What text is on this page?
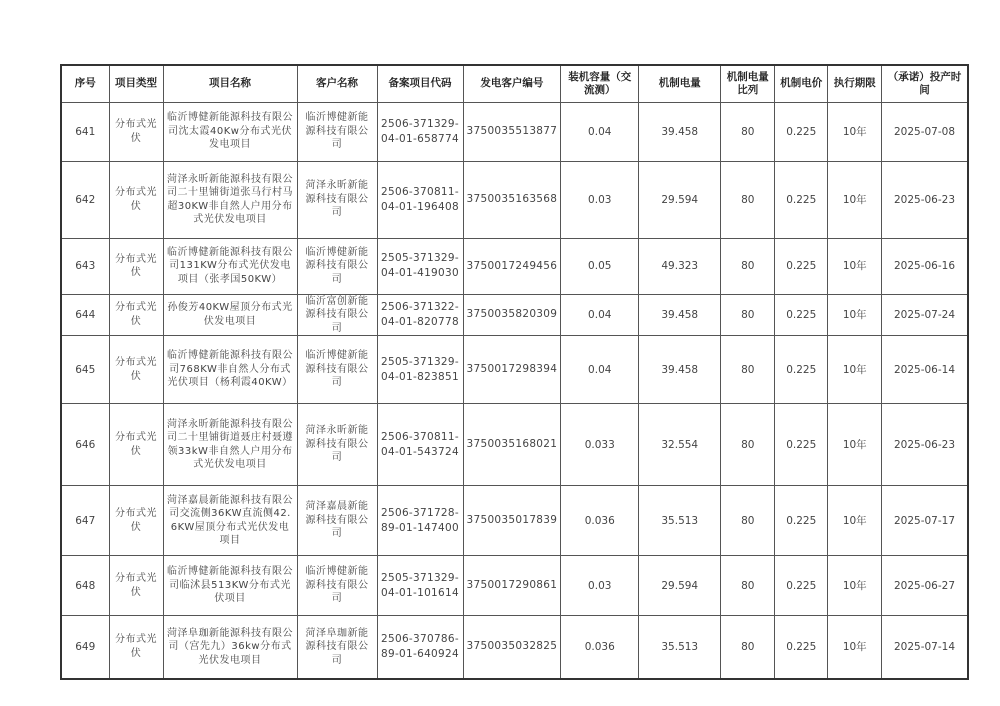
序号	项目类型	项目名称	客户名称	备案项目代码	发电客户编号	装机容量（交流测）	机制电量	机制电量比列	机制电价	执行期限	（承诺）投产时间
641	分布式光伏	临沂博健新能源科技有限公司沈太霞40Kw分布式光伏发电项目	临沂博健新能源科技有限公司	2506-371329-04-01-658774	3750035513877	0.04	39.458	80	0.225	10年	2025-07-08
642	分布式光伏	菏泽永昕新能源科技有限公司二十里铺街道张马行村马超30KW非自然人户用分布式光伏发电项目	菏泽永昕新能源科技有限公司	2506-370811-04-01-196408	3750035163568	0.03	29.594	80	0.225	10年	2025-06-23
643	分布式光伏	临沂博健新能源科技有限公司131KW分布式光伏发电项目（张孝国50KW）	临沂博健新能源科技有限公司	2505-371329-04-01-419030	3750017249456	0.05	49.323	80	0.225	10年	2025-06-16
644	分布式光伏	孙俊芳40KW屋顶分布式光伏发电项目	临沂富创新能源科技有限公司	2506-371322-04-01-820778	3750035820309	0.04	39.458	80	0.225	10年	2025-07-24
645	分布式光伏	临沂博健新能源科技有限公司768KW非自然人分布式光伏项目（杨利霞40KW）	临沂博健新能源科技有限公司	2505-371329-04-01-823851	3750017298394	0.04	39.458	80	0.225	10年	2025-06-14
646	分布式光伏	菏泽永昕新能源科技有限公司二十里铺街道聂庄村聂遵领33kW非自然人户用分布式光伏发电项目	菏泽永昕新能源科技有限公司	2506-370811-04-01-543724	3750035168021	0.033	32.554	80	0.225	10年	2025-06-23
647	分布式光伏	菏泽嘉晨新能源科技有限公司交流侧36KW直流侧42.6KW屋顶分布式光伏发电项目	菏泽嘉晨新能源科技有限公司	2506-371728-89-01-147400	3750035017839	0.036	35.513	80	0.225	10年	2025-07-17
648	分布式光伏	临沂博健新能源科技有限公司临沭县513KW分布式光伏项目	临沂博健新能源科技有限公司	2505-371329-04-01-101614	3750017290861	0.03	29.594	80	0.225	10年	2025-06-27
649	分布式光伏	菏泽阜珈新能源科技有限公司（宫先九）36kw分布式光伏发电项目	菏泽阜珈新能源科技有限公司	2506-370786-89-01-640924	3750035032825	0.036	35.513	80	0.225	10年	2025-07-14
